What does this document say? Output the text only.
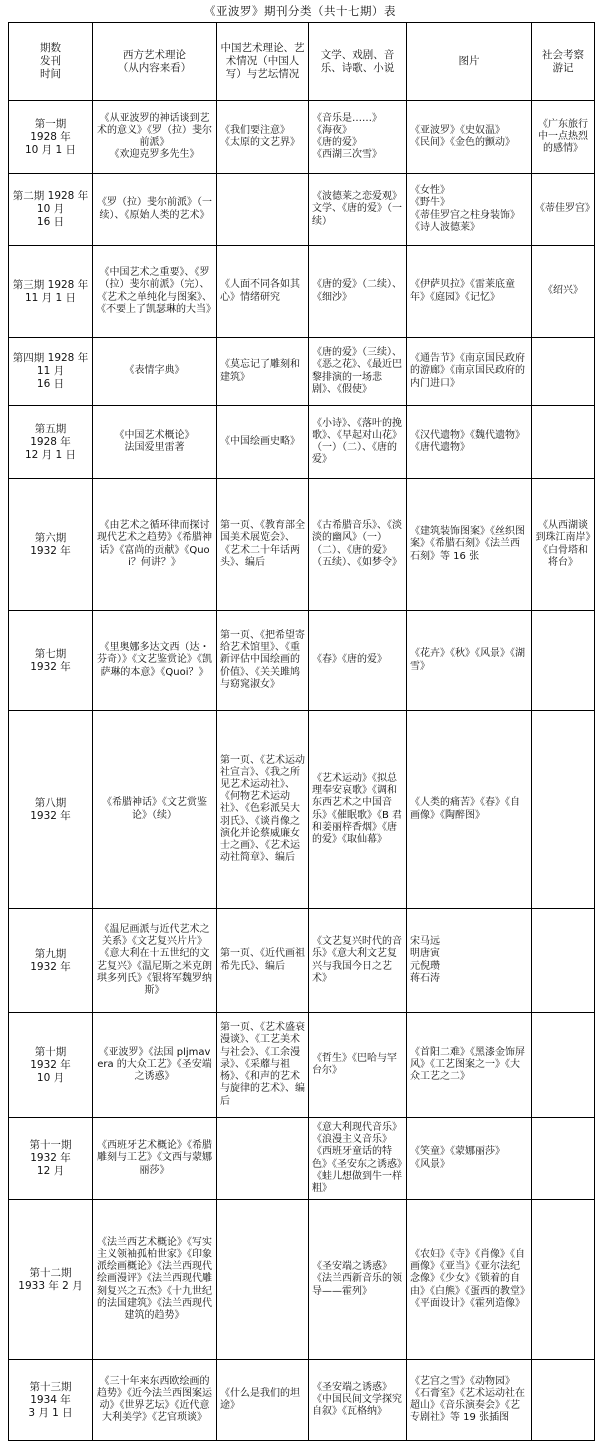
《亚波罗》期刊分类（共十七期）表
期数
发刊
时间	西方艺术理论
（从内容来看）	中国艺术理论、艺术情况（中国人写）与艺坛情况	文学、戏剧、音乐、诗歌、小说	图片	社会考察
游记

第一期
1928 年
10 月 1 日	《从亚波罗的神话谈到艺术的意义》《罗（拉）斐尔前派》
《欢迎克罗多先生》	《我们要注意》
《太原的文艺界》	《音乐是……》
《海夜》
《唐的爱》
《西湖三次雪》	《亚波罗》《史奴温》
《民间》《金色的颤动》	《广东旅行中一点热烈的感情》

第二期 1928 年 10 月
16 日	《罗（拉）斐尔前派》（一续）、《原始人类的艺术》		《波德莱之恋爱观》文学、《唐的爱》（一续）	《女性》
《野牛》
《蒂佳罗宫之柱身装饰》《诗人波德莱》	《蒂佳罗宫》

第三期 1928 年 11 月 1 日	《中国艺术之重要》、《罗（拉）斐尔前派》（完）、《艺术之单纯化与图案》、《不要上了凯瑟琳的大当》	《人面不同各如其心》情绪研究	《唐的爱》（二续）、《细沙》	《伊萨贝拉》《雷莱底童年》《庭园》《记忆》	《绍兴》

第四期 1928 年 11 月
16 日	《表情字典》	《莫忘记了雕刻和建筑》	《唐的爱》（三续）、《恶之花》、《最近巴黎排演的一场悲剧》、《假使》	《通告节》《南京国民政府的游廊》《南京国民政府的内门进口》	

第五期
1928 年
12 月 1 日	《中国艺术概论》
法国爱里雷著	《中国绘画史略》	《小诗》、《落叶的挽歌》、《早起对山花》（一）（二）、《唐的爱》	《汉代遗物》《魏代遗物》《唐代遗物》	

第六期
1932 年	《由艺术之循环律而探讨现代艺术之趋势》《希腊神话》《富尚的贡献》《Quoi？何讲？》	第一页、《教育部全国美术展览会》、《艺术二十年话两头》、编后	《古希腊音乐》、《淡淡的幽风》（一）（二）、《唐的爱》（五续）、《如梦令》	《建筑装饰图案》《丝织图案》《希腊石刻》《法兰西石刻》等 16 张	《从西湖谈到珠江南岸》《白骨塔和将台》

第七期
1932 年	《里奥娜多达文西（达・芬奇）》《文艺鉴赏论》《凯萨琳的本意》《Quoi？》	第一页、《把希望寄给艺术馆里》、《重新评估中国绘画的价值》、《关关雎鸠与窈窕淑女》	《春》《唐的爱》	《花卉》《秋》《风景》《湖雪》	

第八期
1932 年	《希腊神话》《文艺赏鉴论》（续）	第一页、《艺术运动社宣言》、《我之所见艺术运动社》、《何物艺术运动社》、《色彩派吴大羽氏》、《谈肖像之演化并论蔡威廉女士之画》、《艺术运动社简章》、编后	《艺术运动》《拟总理奉安哀歌》《调和东西艺术之中国音乐》《催眠歌》《B 君和姜丽梓香烟》《唐的爱》《取仙幕》	《人类的痛苦》《春》《自画像》《陶醉图》	

第九期
1932 年	《温尼画派与近代艺术之关系》《文艺复兴片片》《意大利在十五世纪的文艺复兴》《温尼斯之米克朗琪多列氏》《银将军魏罗纳斯》	第一页、《近代画祖希先氏》、编后	《文艺复兴时代的音乐》《意大利文艺复兴与我国今日之艺术》	宋马远
明唐寅
元倪瓒
蒋石涛	

第十期
1932 年
10 月	《亚波罗》《法国 pljmavera 的大众工艺》《圣安端之诱惑》	第一页、《艺术盛衰漫谈》、《工艺美术与社会》、《工余漫录》、《采蘼与祖杨》、《和声的艺术与旋律的艺术》、编后	《哲生》《巴哈与罕台尔》	《首阳二难》《黑漆金饰屏风》《工艺图案之一》《大众工艺之二》	

第十一期
1932 年
12 月	《西班牙艺术概论》《希腊雕刻与工艺》《文西与蒙娜丽莎》		《意大利现代音乐》《浪漫主义音乐》《西班牙童话的特色》《圣安东之诱惑》《蛙儿想做到牛一样粗》	《笑童》《蒙娜丽莎》
《风景》	

第十二期
1933 年 2 月	《法兰西艺术概论》《写实主义领袖孤柏世家》《印象派绘画概论》《法兰西现代绘画漫评》《法兰西现代雕刻复兴之五杰》《十九世纪的法国建筑》《法兰西现代建筑的趋势》		《圣安端之诱惑》《法兰西新音乐的领导——霍列》	《农妇》《寺》《肖像》《自画像》《亚当》《亚尔法纪念像》《少女》《锁着的自由》《白熊》《蛋西的教堂》《平面设计》《霍列造像》	

第十三期
1934 年
3 月 1 日	《三十年来东西欧绘画的趋势》《近今法兰西图案运动》《世界艺坛》《近代意大利美学》《艺官琐谈》	《什么是我们的坦途》	《圣安端之诱惑》《中国民间文学探究自叙》《瓦格纳》	《艺宫之雪》《动物园》《石膏室》《艺术运动社在超山》《音乐演奏会》《艺专剧社》等 19 张插图	
